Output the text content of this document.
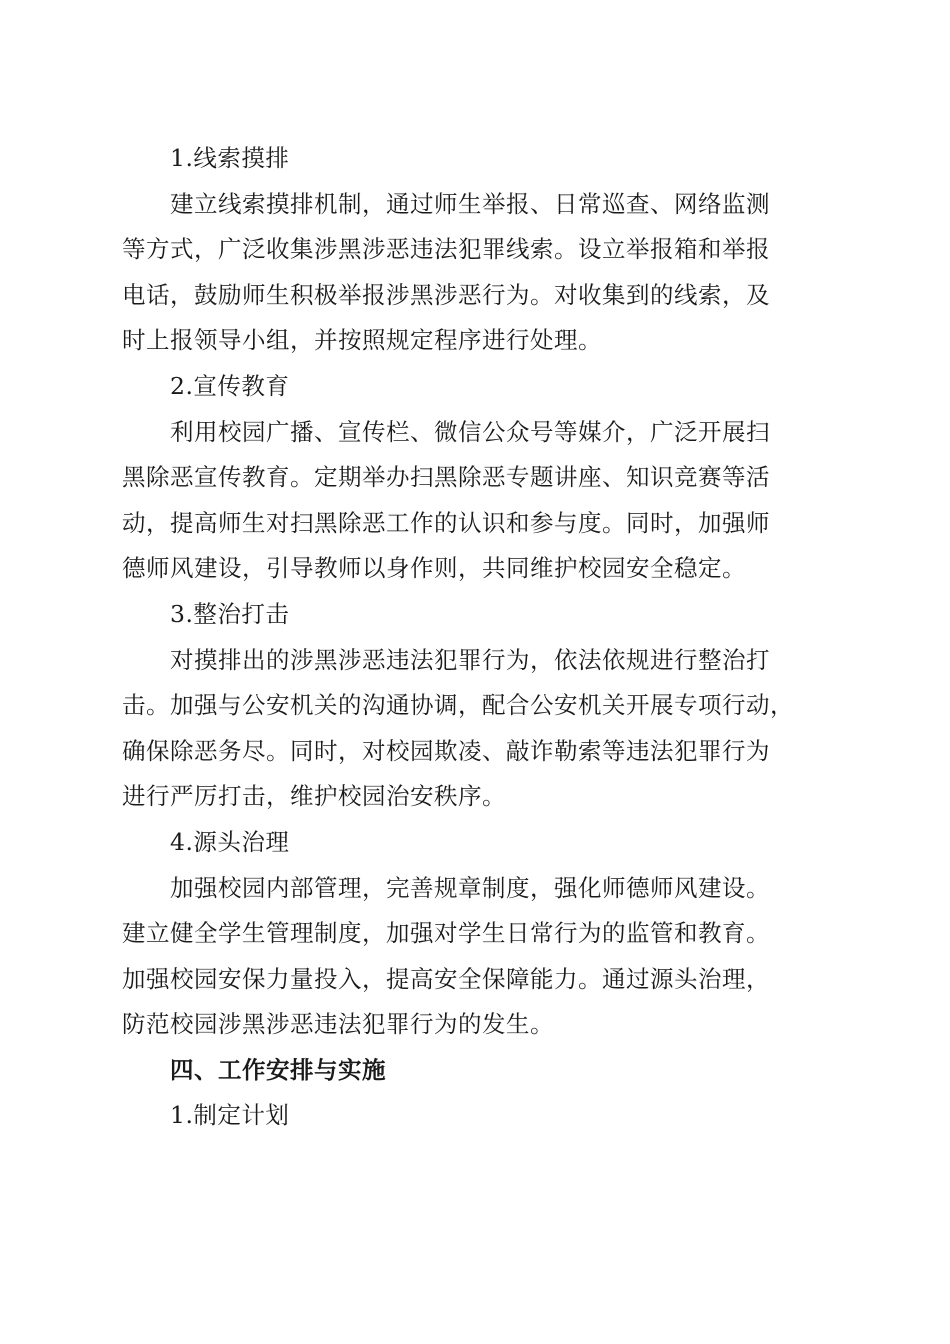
1.线索摸排
建立线索摸排机制，通过师生举报、日常巡查、网络监测
等方式，广泛收集涉黑涉恶违法犯罪线索。设立举报箱和举报
电话，鼓励师生积极举报涉黑涉恶行为。对收集到的线索，及
时上报领导小组，并按照规定程序进行处理。
2.宣传教育
利用校园广播、宣传栏、微信公众号等媒介，广泛开展扫
黑除恶宣传教育。定期举办扫黑除恶专题讲座、知识竞赛等活
动，提高师生对扫黑除恶工作的认识和参与度。同时，加强师
德师风建设，引导教师以身作则，共同维护校园安全稳定。
3.整治打击
对摸排出的涉黑涉恶违法犯罪行为，依法依规进行整治打
击。加强与公安机关的沟通协调，配合公安机关开展专项行动，
确保除恶务尽。同时，对校园欺凌、敲诈勒索等违法犯罪行为
进行严厉打击，维护校园治安秩序。
4.源头治理
加强校园内部管理，完善规章制度，强化师德师风建设。
建立健全学生管理制度，加强对学生日常行为的监管和教育。
加强校园安保力量投入，提高安全保障能力。通过源头治理，
防范校园涉黑涉恶违法犯罪行为的发生。
四、工作安排与实施
1.制定计划
